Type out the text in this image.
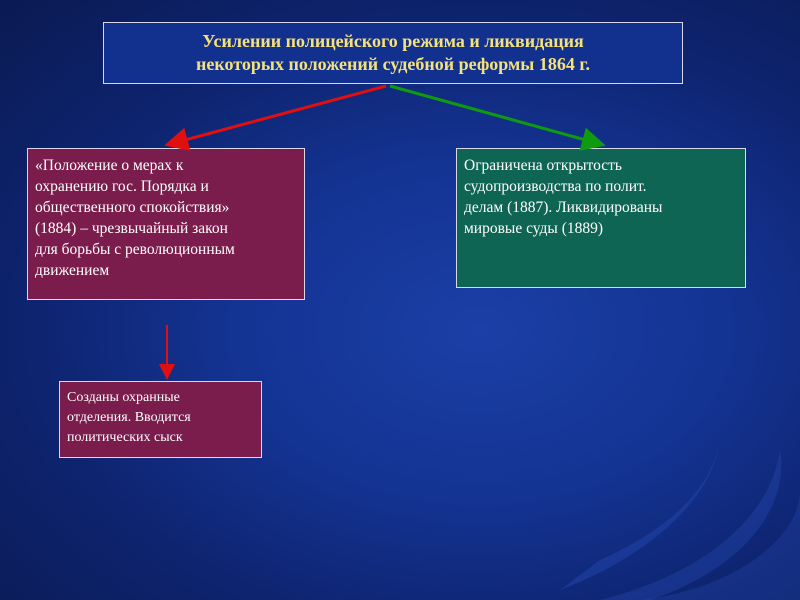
Усилении полицейского режима и ликвидация
некоторых положений судебной реформы 1864 г.
«Положение о мерах к
охранению гос. Порядка и
общественного спокойствия»
(1884) – чрезвычайный закон
для борьбы с революционным
движением
Ограничена открытость
судопроизводства по полит.
делам (1887). Ликвидированы
мировые суды (1889)
Созданы охранные
отделения. Вводится
политических сыск
